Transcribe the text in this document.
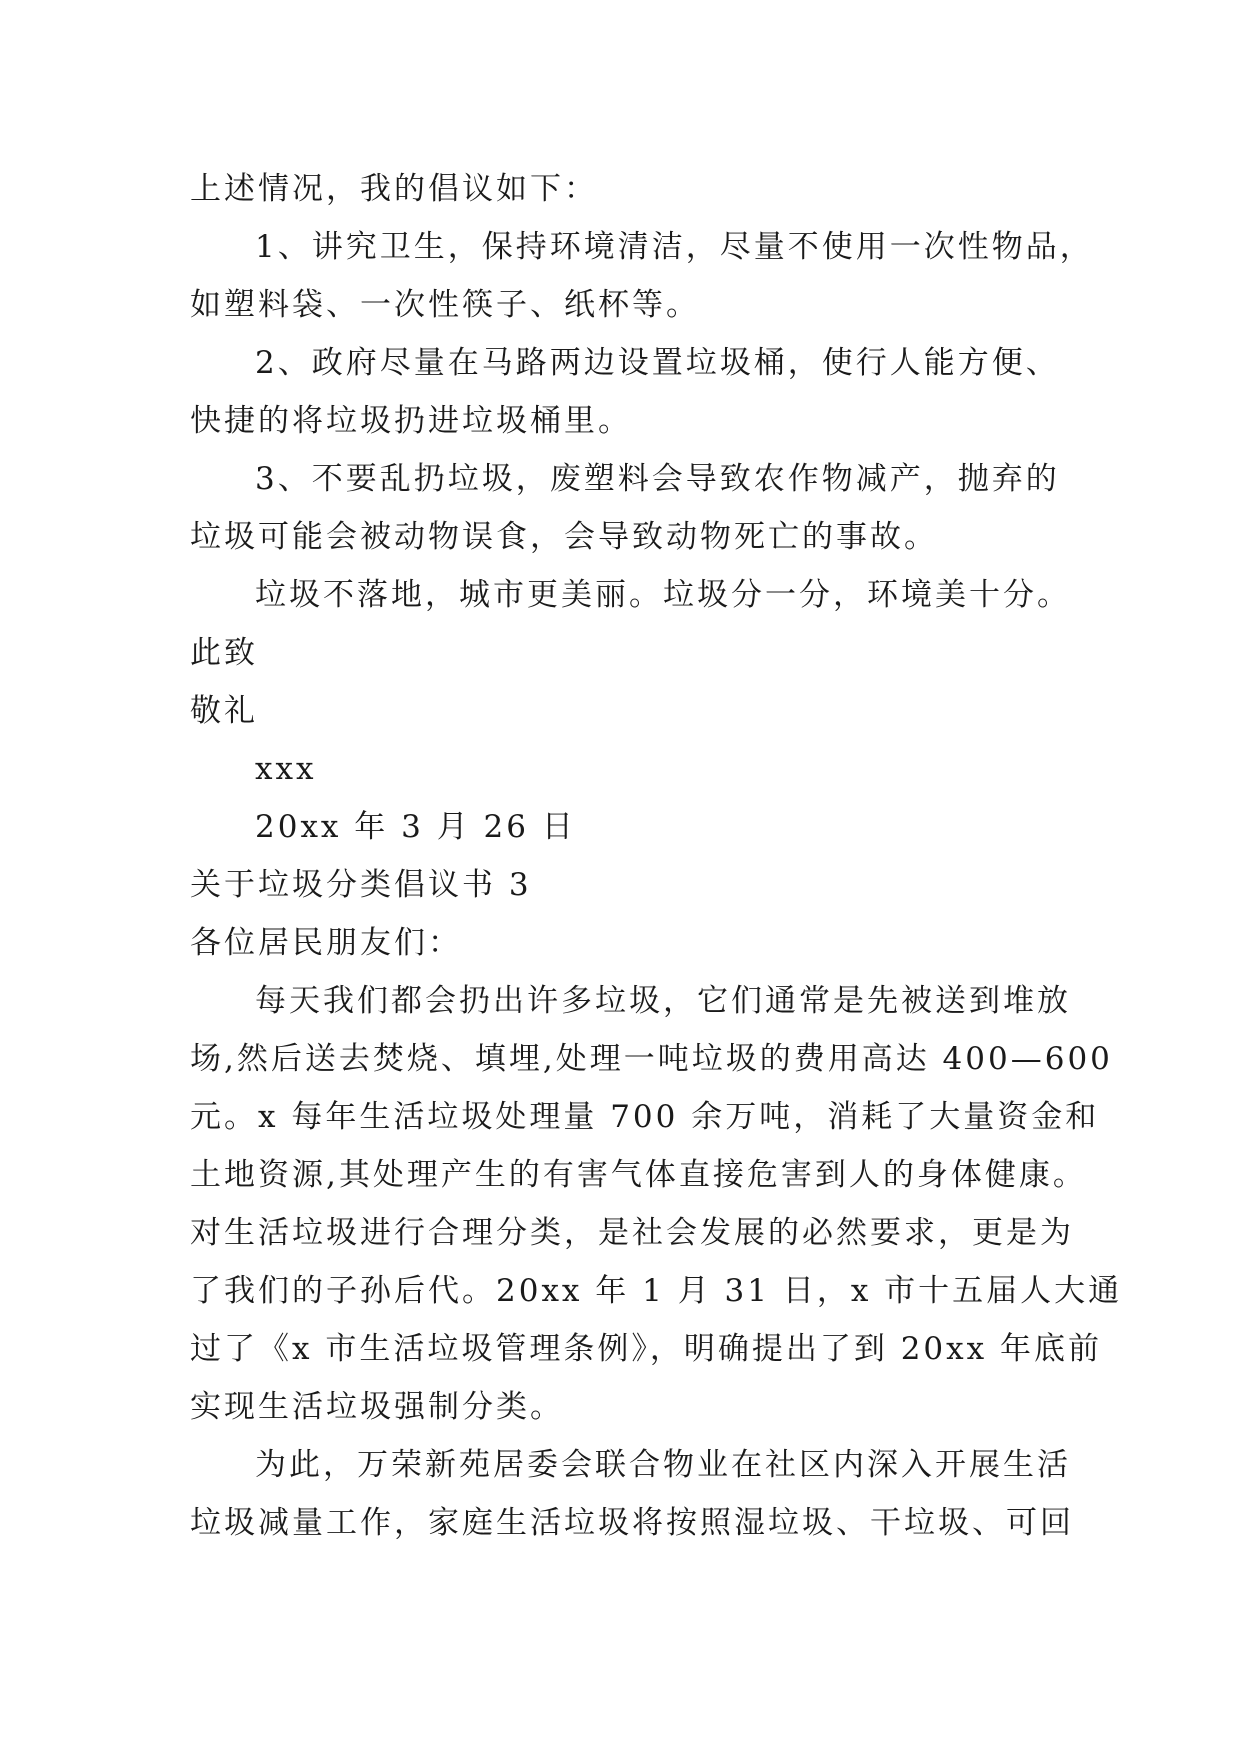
上述情况，我的倡议如下：
1、讲究卫生，保持环境清洁，尽量不使用一次性物品，
如塑料袋、一次性筷子、纸杯等。
2、政府尽量在马路两边设置垃圾桶，使行人能方便、
快捷的将垃圾扔进垃圾桶里。
3、不要乱扔垃圾，废塑料会导致农作物减产，抛弃的
垃圾可能会被动物误食，会导致动物死亡的事故。
垃圾不落地，城市更美丽。垃圾分一分，环境美十分。
此致
敬礼
xxx
20xx 年 3 月 26 日
关于垃圾分类倡议书 3
各位居民朋友们：
每天我们都会扔出许多垃圾，它们通常是先被送到堆放
场,然后送去焚烧、填埋,处理一吨垃圾的费用高达 400—600
元。x 每年生活垃圾处理量 700 余万吨，消耗了大量资金和
土地资源,其处理产生的有害气体直接危害到人的身体健康。
对生活垃圾进行合理分类，是社会发展的必然要求，更是为
了我们的子孙后代。20xx 年 1 月 31 日，x 市十五届人大通
过了《x 市生活垃圾管理条例》，明确提出了到 20xx 年底前
实现生活垃圾强制分类。
为此，万荣新苑居委会联合物业在社区内深入开展生活
垃圾减量工作，家庭生活垃圾将按照湿垃圾、干垃圾、可回
